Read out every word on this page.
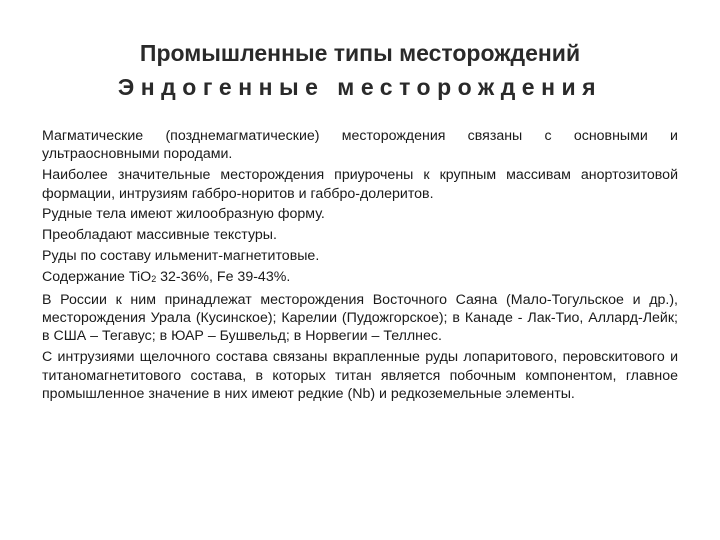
Промышленные типы месторождений
Эндогенные месторождения

Магматические (позднемагматические) месторождения связаны с основными и ультраосновными породами.

Наиболее значительные месторождения приурочены к крупным массивам анортозитовой формации, интрузиям габбро-норитов и габбро-долеритов.

Рудные тела имеют жилообразную форму.

Преобладают массивные текстуры.

Руды по составу ильменит-магнетитовые.

Содержание TiO$_2$ 32-36%, Fe 39-43%.

В России к ним принадлежат месторождения Восточного Саяна (Мало-Тогульское и др.), месторождения Урала (Кусинское); Карелии (Пудожгорское); в Канаде - Лак-Тио, Аллард-Лейк; в США – Тегавус; в ЮАР – Бушвельд; в Норвегии – Теллнес.

С интрузиями щелочного состава связаны вкрапленные руды лопаритового, перовскитового и титаномагнетитового состава, в которых титан является побочным компонентом, главное промышленное значение в них имеют редкие (Nb) и редкоземельные элементы.
